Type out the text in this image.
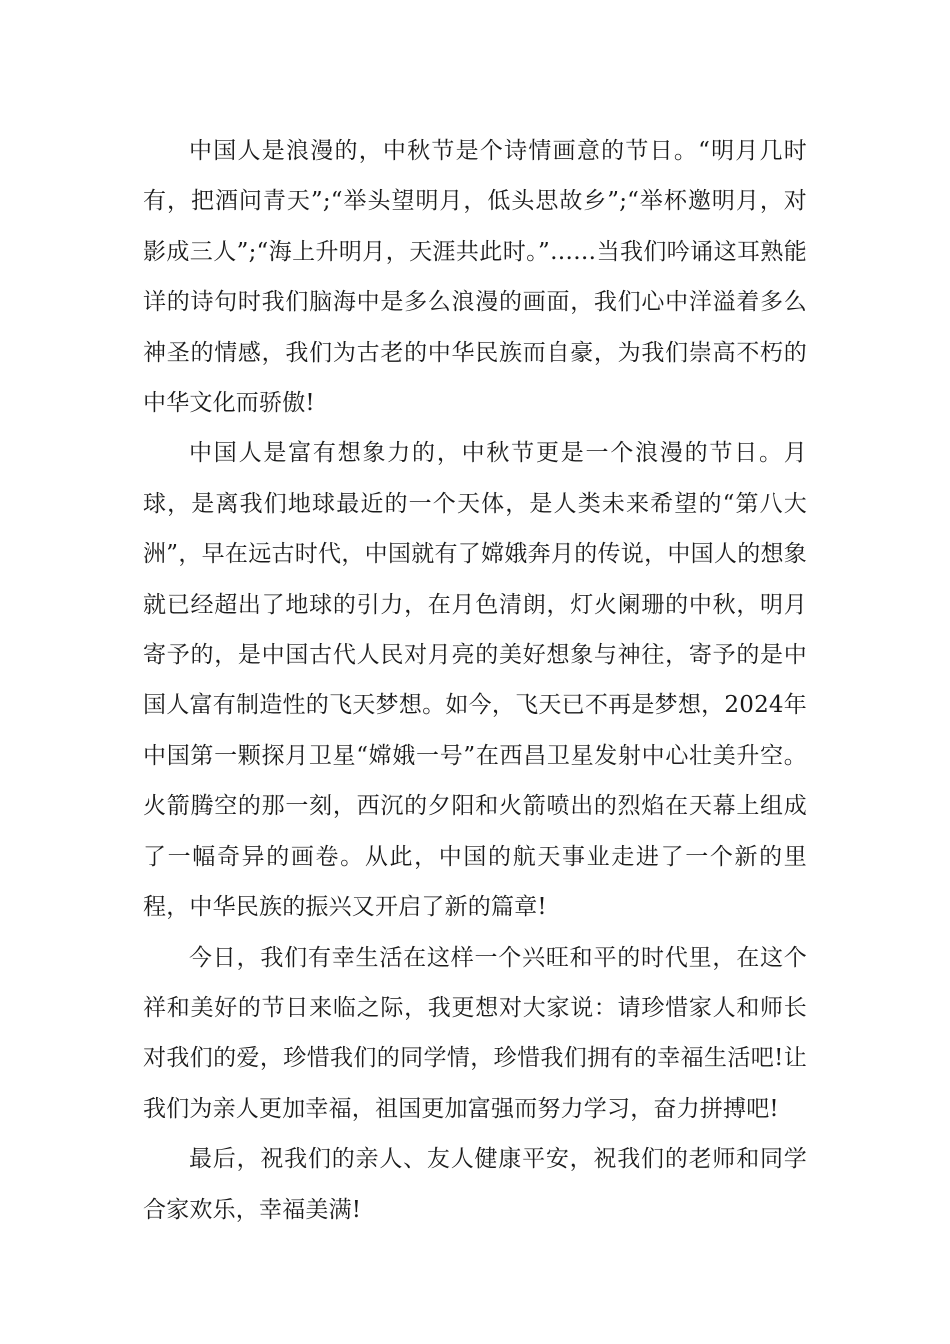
中国人是浪漫的，中秋节是个诗情画意的节日。“明月几时有，把酒问青天”;“举头望明月，低头思故乡”;“举杯邀明月，对影成三人”;“海上升明月，天涯共此时。”……当我们吟诵这耳熟能详的诗句时我们脑海中是多么浪漫的画面，我们心中洋溢着多么神圣的情感，我们为古老的中华民族而自豪，为我们崇高不朽的中华文化而骄傲!

中国人是富有想象力的，中秋节更是一个浪漫的节日。月球，是离我们地球最近的一个天体，是人类未来希望的“第八大洲”，早在远古时代，中国就有了嫦娥奔月的传说，中国人的想象就已经超出了地球的引力，在月色清朗，灯火阑珊的中秋，明月寄予的，是中国古代人民对月亮的美好想象与神往，寄予的是中国人富有制造性的飞天梦想。如今，飞天已不再是梦想，2024年中国第一颗探月卫星“嫦娥一号”在西昌卫星发射中心壮美升空。火箭腾空的那一刻，西沉的夕阳和火箭喷出的烈焰在天幕上组成了一幅奇异的画卷。从此，中国的航天事业走进了一个新的里程，中华民族的振兴又开启了新的篇章!

今日，我们有幸生活在这样一个兴旺和平的时代里，在这个祥和美好的节日来临之际，我更想对大家说：请珍惜家人和师长对我们的爱，珍惜我们的同学情，珍惜我们拥有的幸福生活吧!让我们为亲人更加幸福，祖国更加富强而努力学习，奋力拼搏吧!

最后，祝我们的亲人、友人健康平安，祝我们的老师和同学合家欢乐，幸福美满!
